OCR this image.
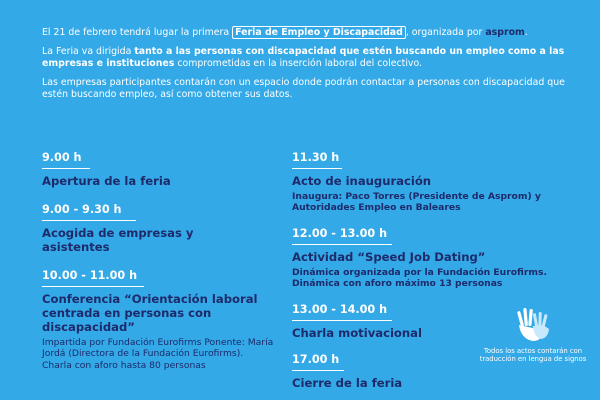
El 21 de febrero tendrá lugar la primera Feria de Empleo y Discapacidad , organizada por asprom.

La Feria va dirigida tanto a las personas con discapacidad que estén buscando un empleo como a las empresas e instituciones comprometidas en la inserción laboral del colectivo.

Las empresas participantes contarán con un espacio donde podrán contactar a personas con discapacidad que estén buscando empleo, así como obtener sus datos.

9.00 h
Apertura de la feria
9.00 - 9.30 h
Acogida de empresas y asistentes
10.00 - 11.00 h
Conferencia “Orientación laboral centrada en personas con discapacidad”
Impartida por Fundación Eurofirms Ponente: María Jordá (Directora de la Fundación Eurofirms). Charla con aforo hasta 80 personas
11.30 h
Acto de inauguración
Inaugura: Paco Torres (Presidente de Asprom) y Autoridades Empleo en Baleares
12.00 - 13.00 h
Actividad “Speed Job Dating”
Dinámica organizada por la Fundación Eurofirms. Dinámica con aforo máximo 13 personas
13.00 - 14.00 h
Charla motivacional
17.00 h
Cierre de la feria
Todos los actos contarán con traducción en lengua de signos
